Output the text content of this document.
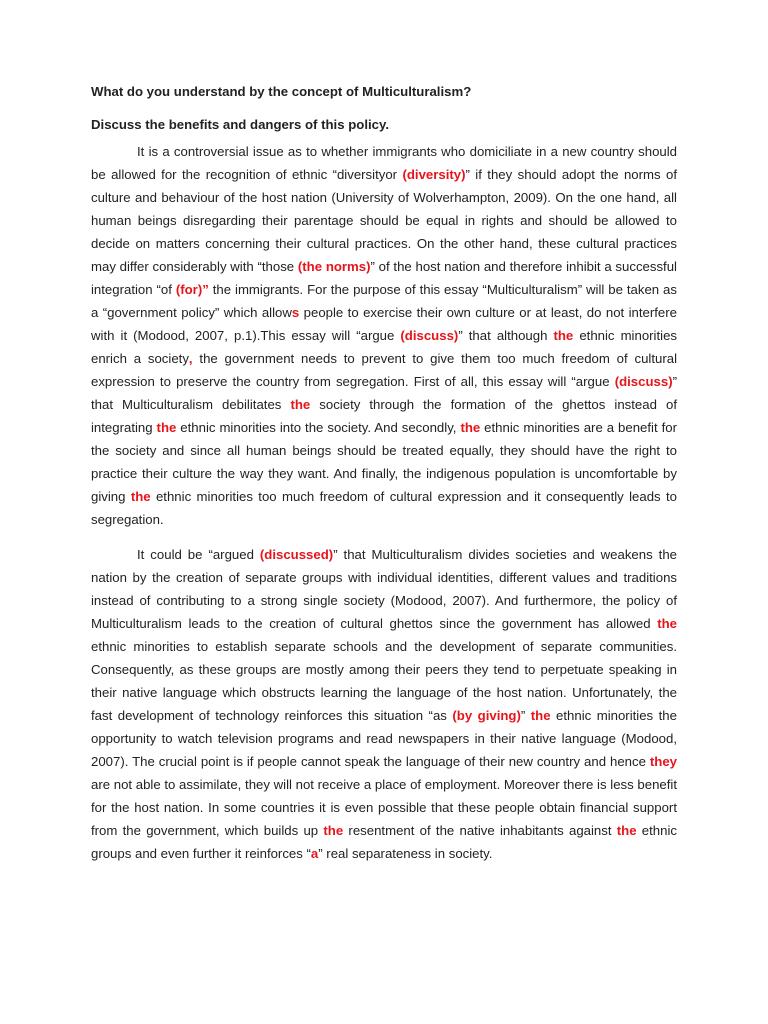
What do you understand by the concept of Multiculturalism?

Discuss the benefits and dangers of this policy.

It is a controversial issue as to whether immigrants who domiciliate in a new country should be allowed for the recognition of ethnic “diversityor (diversity)” if they should adopt the norms of culture and behaviour of the host nation (University of Wolverhampton, 2009). On the one hand, all human beings disregarding their parentage should be equal in rights and should be allowed to decide on matters concerning their cultural practices. On the other hand, these cultural practices may differ considerably with “those (the norms)” of the host nation and therefore inhibit a successful integration “of (for)” the immigrants. For the purpose of this essay “Multiculturalism” will be taken as a “government policy” which allows people to exercise their own culture or at least, do not interfere with it (Modood, 2007, p.1).This essay will “argue (discuss)” that although the ethnic minorities enrich a society, the government needs to prevent to give them too much freedom of cultural expression to preserve the country from segregation. First of all, this essay will “argue (discuss)” that Multiculturalism debilitates the society through the formation of the ghettos instead of integrating the ethnic minorities into the society. And secondly, the ethnic minorities are a benefit for the society and since all human beings should be treated equally, they should have the right to practice their culture the way they want. And finally, the indigenous population is uncomfortable by giving the ethnic minorities too much freedom of cultural expression and it consequently leads to segregation.

It could be “argued (discussed)” that Multiculturalism divides societies and weakens the nation by the creation of separate groups with individual identities, different values and traditions instead of contributing to a strong single society (Modood, 2007). And furthermore, the policy of Multiculturalism leads to the creation of cultural ghettos since the government has allowed the ethnic minorities to establish separate schools and the development of separate communities. Consequently, as these groups are mostly among their peers they tend to perpetuate speaking in their native language which obstructs learning the language of the host nation. Unfortunately, the fast development of technology reinforces this situation “as (by giving)” the ethnic minorities the opportunity to watch television programs and read newspapers in their native language (Modood, 2007). The crucial point is if people cannot speak the language of their new country and hence they are not able to assimilate, they will not receive a place of employment. Moreover there is less benefit for the host nation. In some countries it is even possible that these people obtain financial support from the government, which builds up the resentment of the native inhabitants against the ethnic groups and even further it reinforces “a” real separateness in society.
